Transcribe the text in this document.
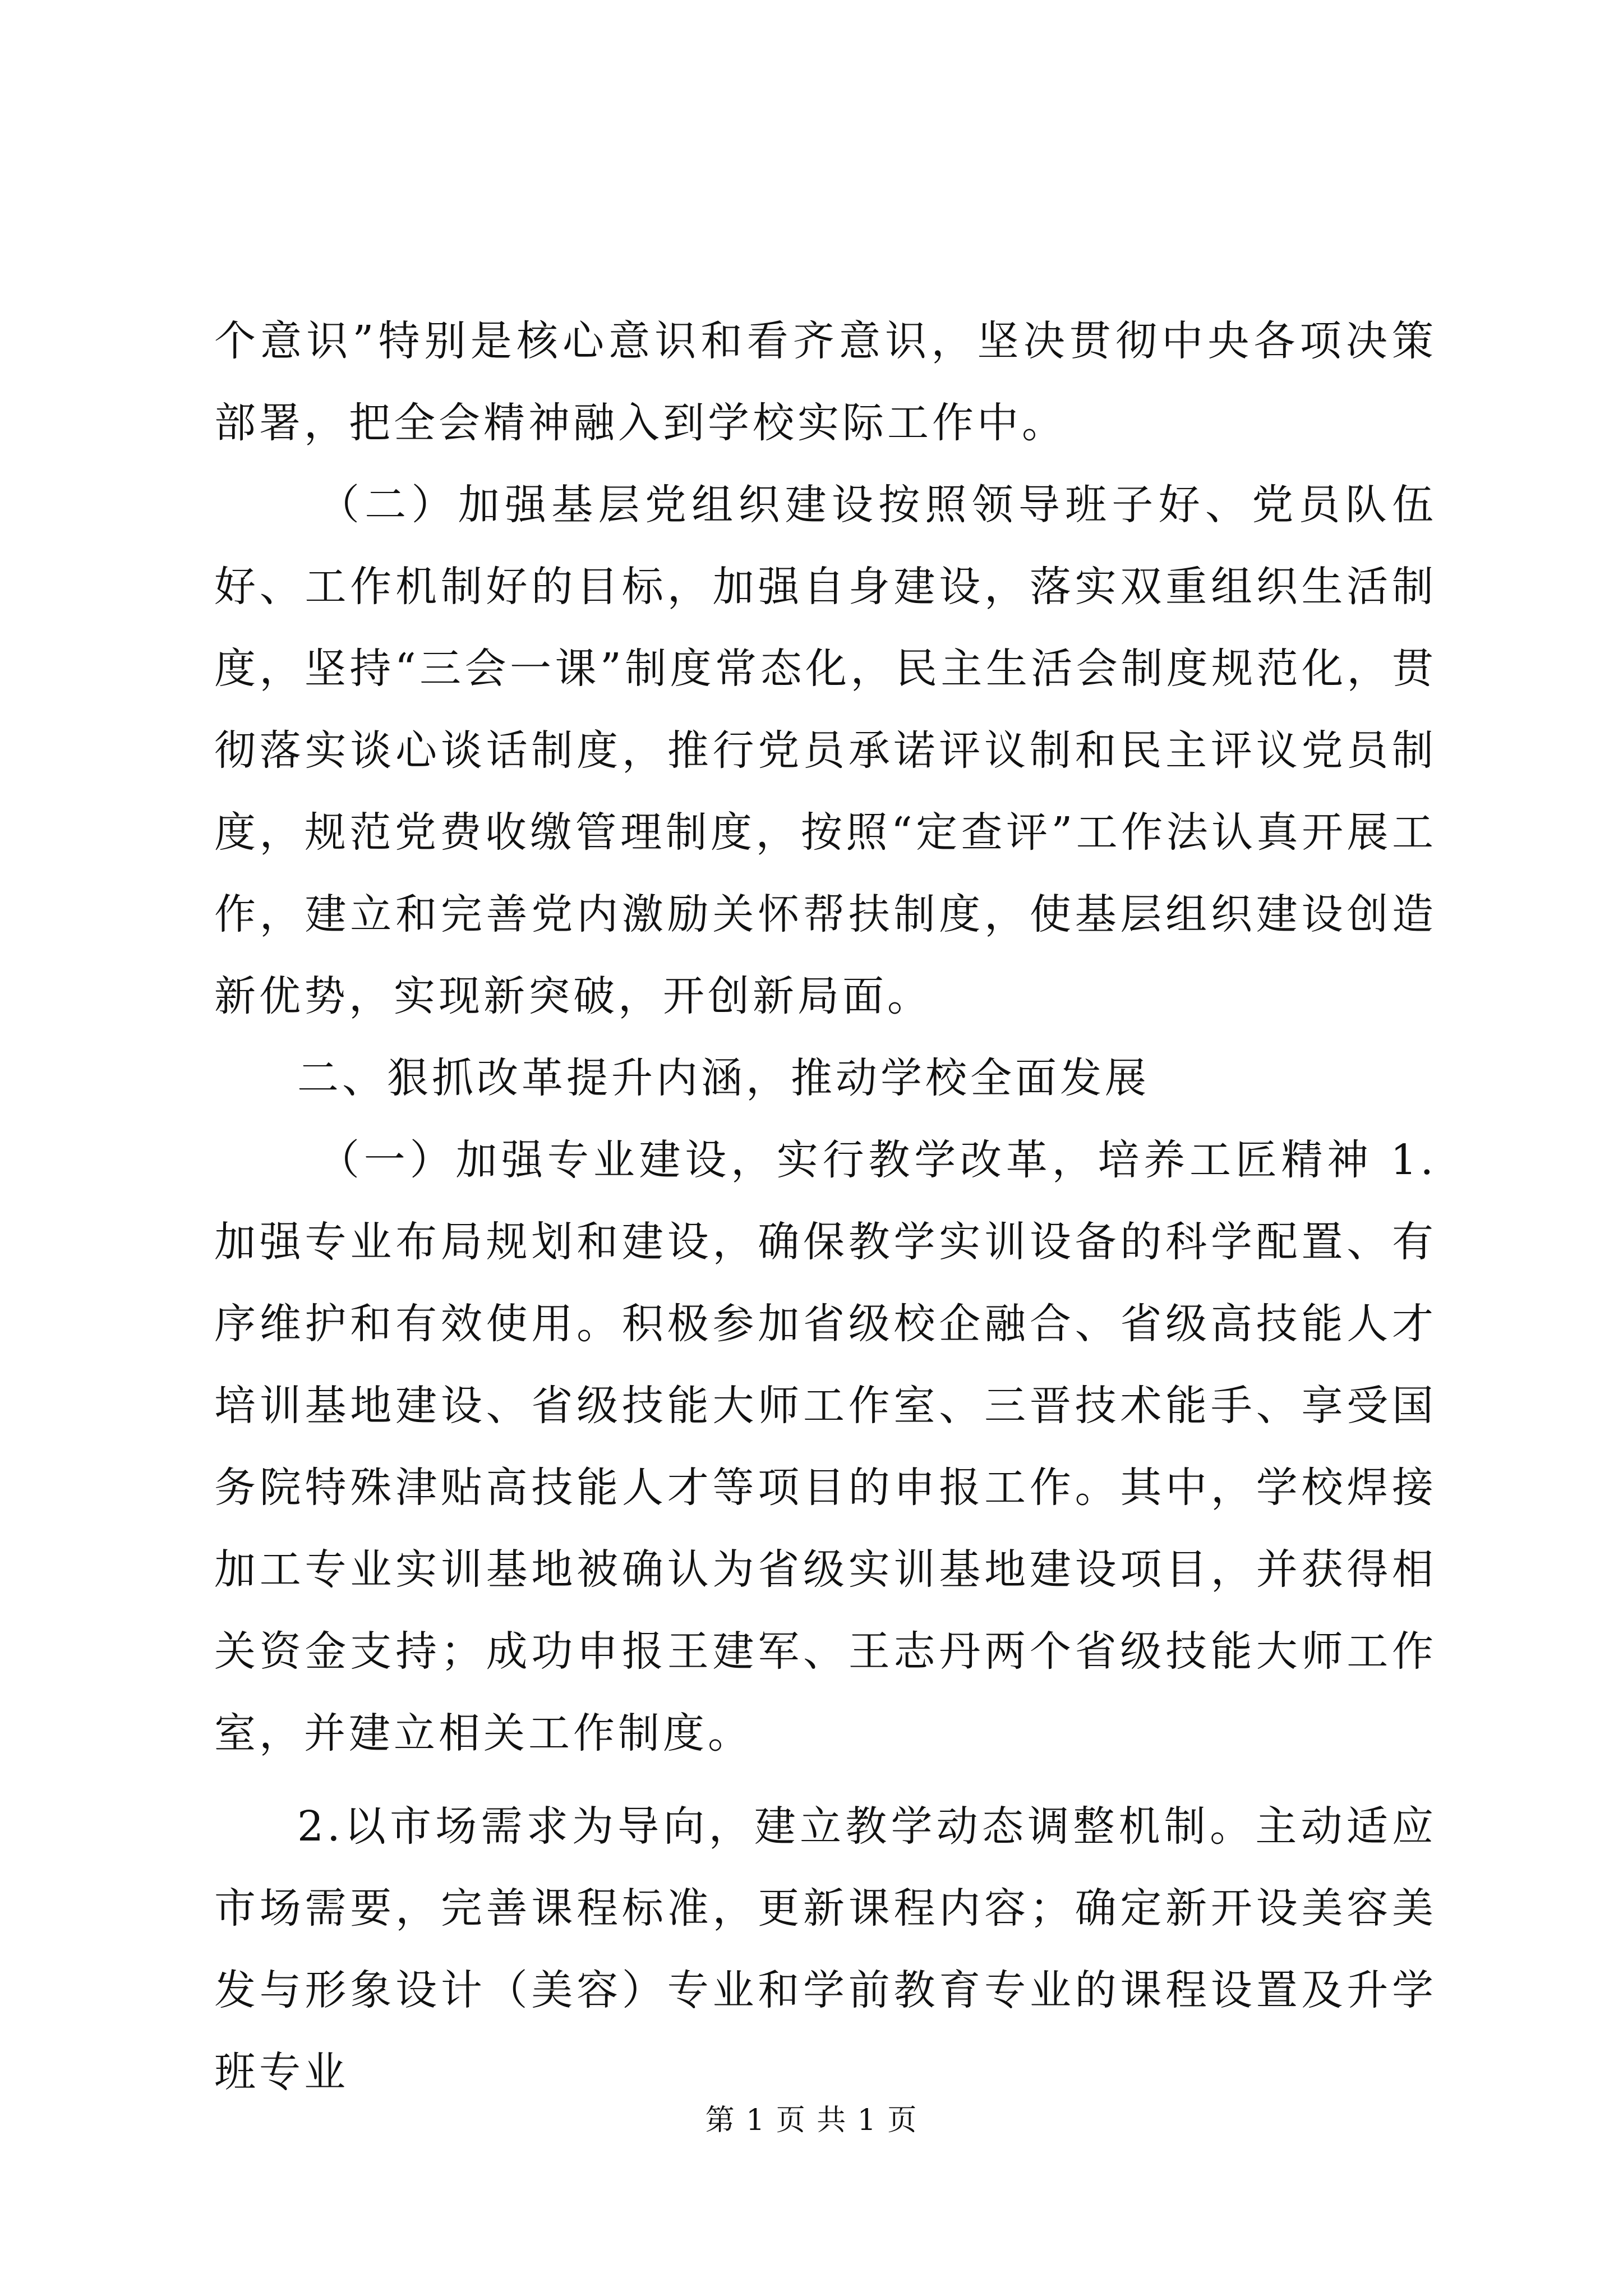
个意识”特别是核心意识和看齐意识，坚决贯彻中央各项决策部署，把全会精神融入到学校实际工作中。

（二）加强基层党组织建设按照领导班子好、党员队伍好、工作机制好的目标，加强自身建设，落实双重组织生活制度，坚持“三会一课”制度常态化，民主生活会制度规范化，贯彻落实谈心谈话制度，推行党员承诺评议制和民主评议党员制度，规范党费收缴管理制度，按照“定查评”工作法认真开展工作，建立和完善党内激励关怀帮扶制度，使基层组织建设创造新优势，实现新突破，开创新局面。

二、狠抓改革提升内涵，推动学校全面发展

（一）加强专业建设，实行教学改革，培养工匠精神 1.加强专业布局规划和建设，确保教学实训设备的科学配置、有序维护和有效使用。积极参加省级校企融合、省级高技能人才培训基地建设、省级技能大师工作室、三晋技术能手、享受国务院特殊津贴高技能人才等项目的申报工作。其中，学校焊接加工专业实训基地被确认为省级实训基地建设项目，并获得相关资金支持；成功申报王建军、王志丹两个省级技能大师工作室，并建立相关工作制度。

2.以市场需求为导向，建立教学动态调整机制。主动适应市场需要，完善课程标准，更新课程内容；确定新开设美容美发与形象设计（美容）专业和学前教育专业的课程设置及升学班专业

第 1 页 共 1 页
